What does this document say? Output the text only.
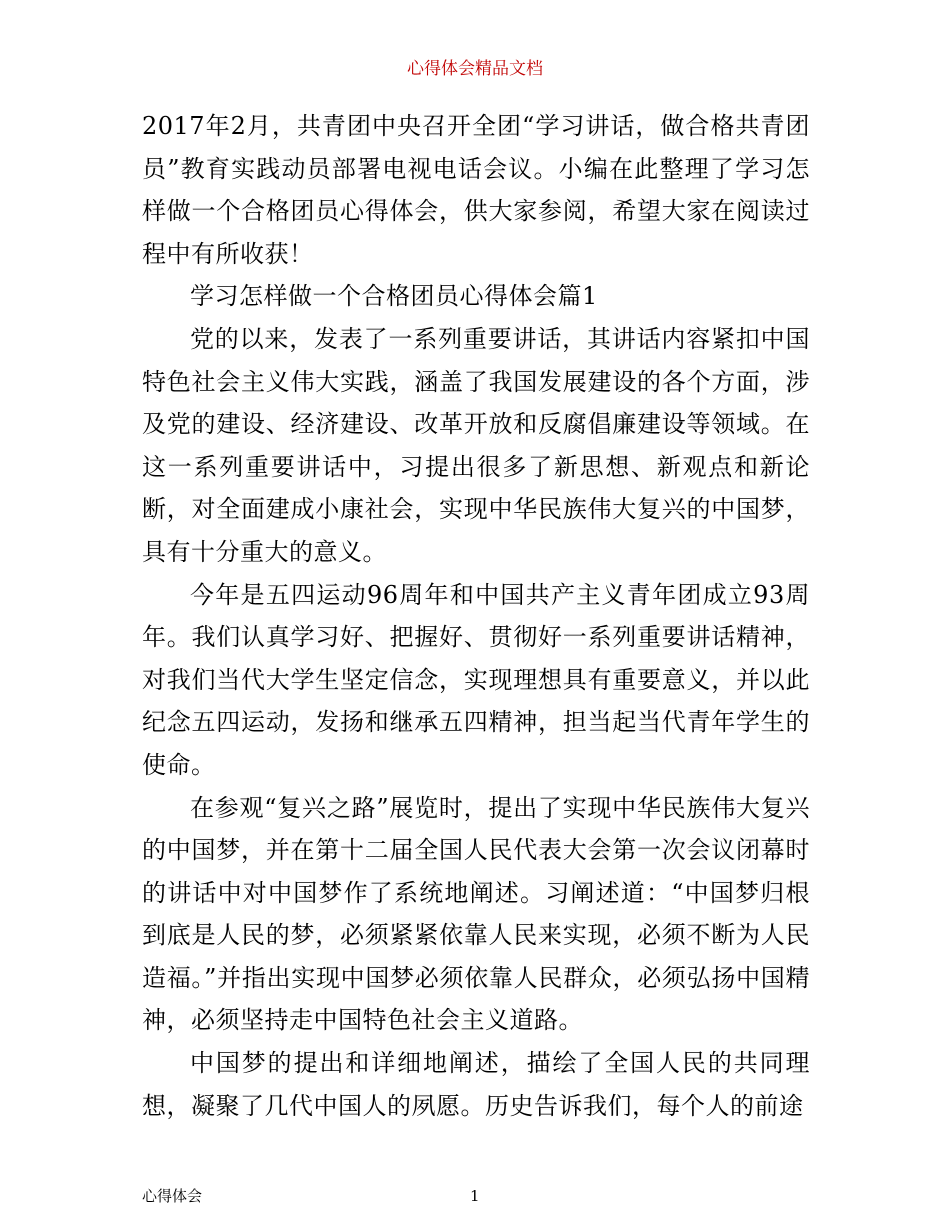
心得体会精品文档

2017年2月，共青团中央召开全团“学习讲话，做合格共青团员”教育实践动员部署电视电话会议。小编在此整理了学习怎样做一个合格团员心得体会，供大家参阅，希望大家在阅读过程中有所收获！

学习怎样做一个合格团员心得体会篇1

党的以来，发表了一系列重要讲话，其讲话内容紧扣中国特色社会主义伟大实践，涵盖了我国发展建设的各个方面，涉及党的建设、经济建设、改革开放和反腐倡廉建设等领域。在这一系列重要讲话中，习提出很多了新思想、新观点和新论断，对全面建成小康社会，实现中华民族伟大复兴的中国梦，具有十分重大的意义。

今年是五四运动96周年和中国共产主义青年团成立93周年。我们认真学习好、把握好、贯彻好一系列重要讲话精神，对我们当代大学生坚定信念，实现理想具有重要意义，并以此纪念五四运动，发扬和继承五四精神，担当起当代青年学生的使命。

在参观“复兴之路”展览时，提出了实现中华民族伟大复兴的中国梦，并在第十二届全国人民代表大会第一次会议闭幕时的讲话中对中国梦作了系统地阐述。习阐述道：“中国梦归根到底是人民的梦，必须紧紧依靠人民来实现，必须不断为人民造福。”并指出实现中国梦必须依靠人民群众，必须弘扬中国精神，必须坚持走中国特色社会主义道路。

中国梦的提出和详细地阐述，描绘了全国人民的共同理想，凝聚了几代中国人的夙愿。历史告诉我们，每个人的前途

心得体会	1
